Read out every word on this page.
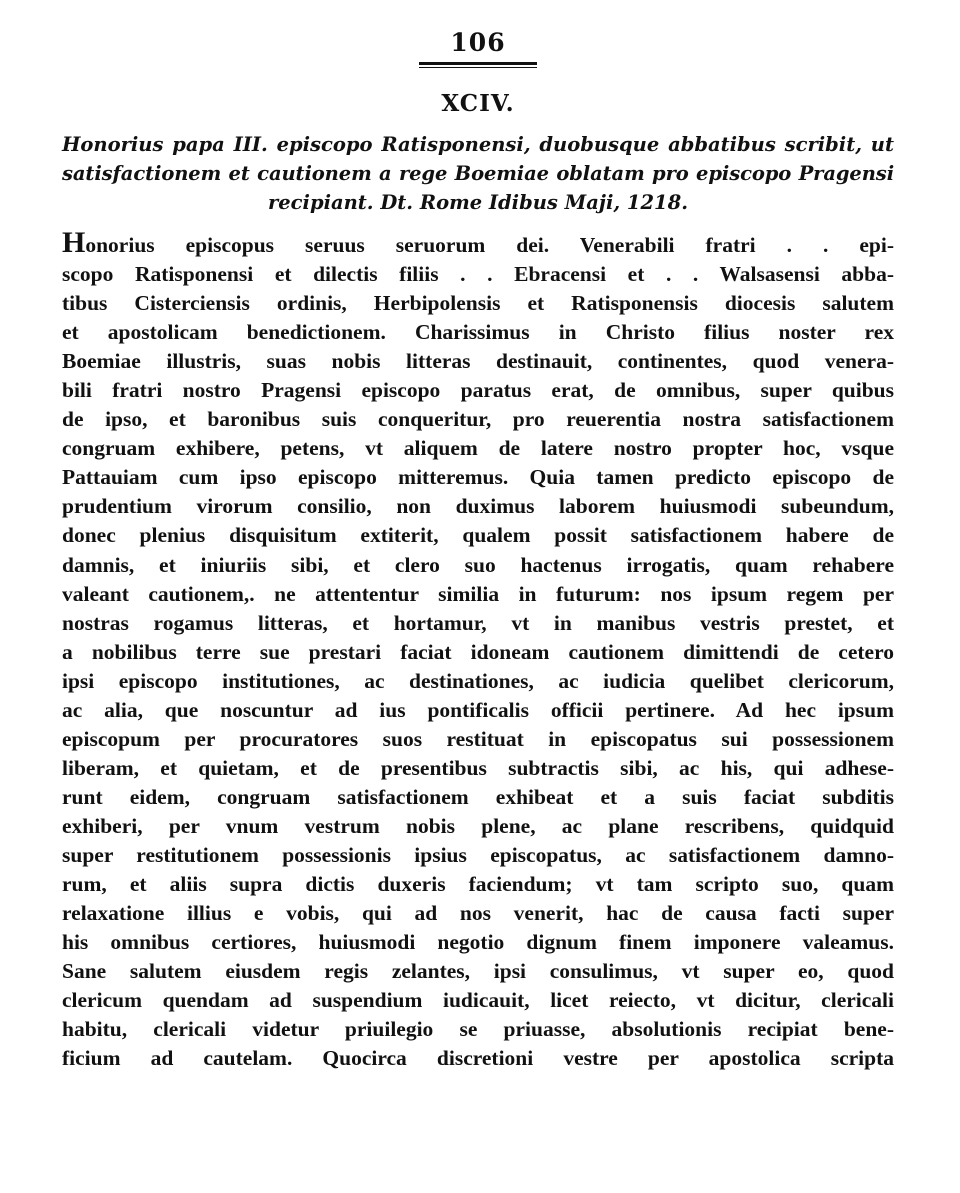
106
XCIV.
Honorius papa III. episcopo Ratisponensi, duobusque abbatibus scribit, ut
satisfactionem et cautionem a rege Boemiae oblatam pro episcopo Pragensi
recipiant. Dt. Rome Idibus Maji, 1218.
Honorius episcopus seruus seruorum dei. Venerabili fratri . . epi-
scopo Ratisponensi et dilectis filiis . . Ebracensi et . . Walsasensi abba-
tibus Cisterciensis ordinis, Herbipolensis et Ratisponensis diocesis salutem
et apostolicam benedictionem. Charissimus in Christo filius noster rex
Boemiae illustris, suas nobis litteras destinauit, continentes, quod venera-
bili fratri nostro Pragensi episcopo paratus erat, de omnibus, super quibus
de ipso, et baronibus suis conqueritur, pro reuerentia nostra satisfactionem
congruam exhibere, petens, vt aliquem de latere nostro propter hoc, vsque
Pattauiam cum ipso episcopo mitteremus. Quia tamen predicto episcopo de
prudentium virorum consilio, non duximus laborem huiusmodi subeundum,
donec plenius disquisitum extiterit, qualem possit satisfactionem habere de
damnis, et iniuriis sibi, et clero suo hactenus irrogatis, quam rehabere
valeant cautionem,. ne attententur similia in futurum: nos ipsum regem per
nostras rogamus litteras, et hortamur, vt in manibus vestris prestet, et
a nobilibus terre sue prestari faciat idoneam cautionem dimittendi de cetero
ipsi episcopo institutiones, ac destinationes, ac iudicia quelibet clericorum,
ac alia, que noscuntur ad ius pontificalis officii pertinere. Ad hec ipsum
episcopum per procuratores suos restituat in episcopatus sui possessionem
liberam, et quietam, et de presentibus subtractis sibi, ac his, qui adhese-
runt eidem, congruam satisfactionem exhibeat et a suis faciat subditis
exhiberi, per vnum vestrum nobis plene, ac plane rescribens, quidquid
super restitutionem possessionis ipsius episcopatus, ac satisfactionem damno-
rum, et aliis supra dictis duxeris faciendum; vt tam scripto suo, quam
relaxatione illius e vobis, qui ad nos venerit, hac de causa facti super
his omnibus certiores, huiusmodi negotio dignum finem imponere valeamus.
Sane salutem eiusdem regis zelantes, ipsi consulimus, vt super eo, quod
clericum quendam ad suspendium iudicauit, licet reiecto, vt dicitur, clericali
habitu, clericali videtur priuilegio se priuasse, absolutionis recipiat bene-
ficium ad cautelam. Quocirca discretioni vestre per apostolica scripta
